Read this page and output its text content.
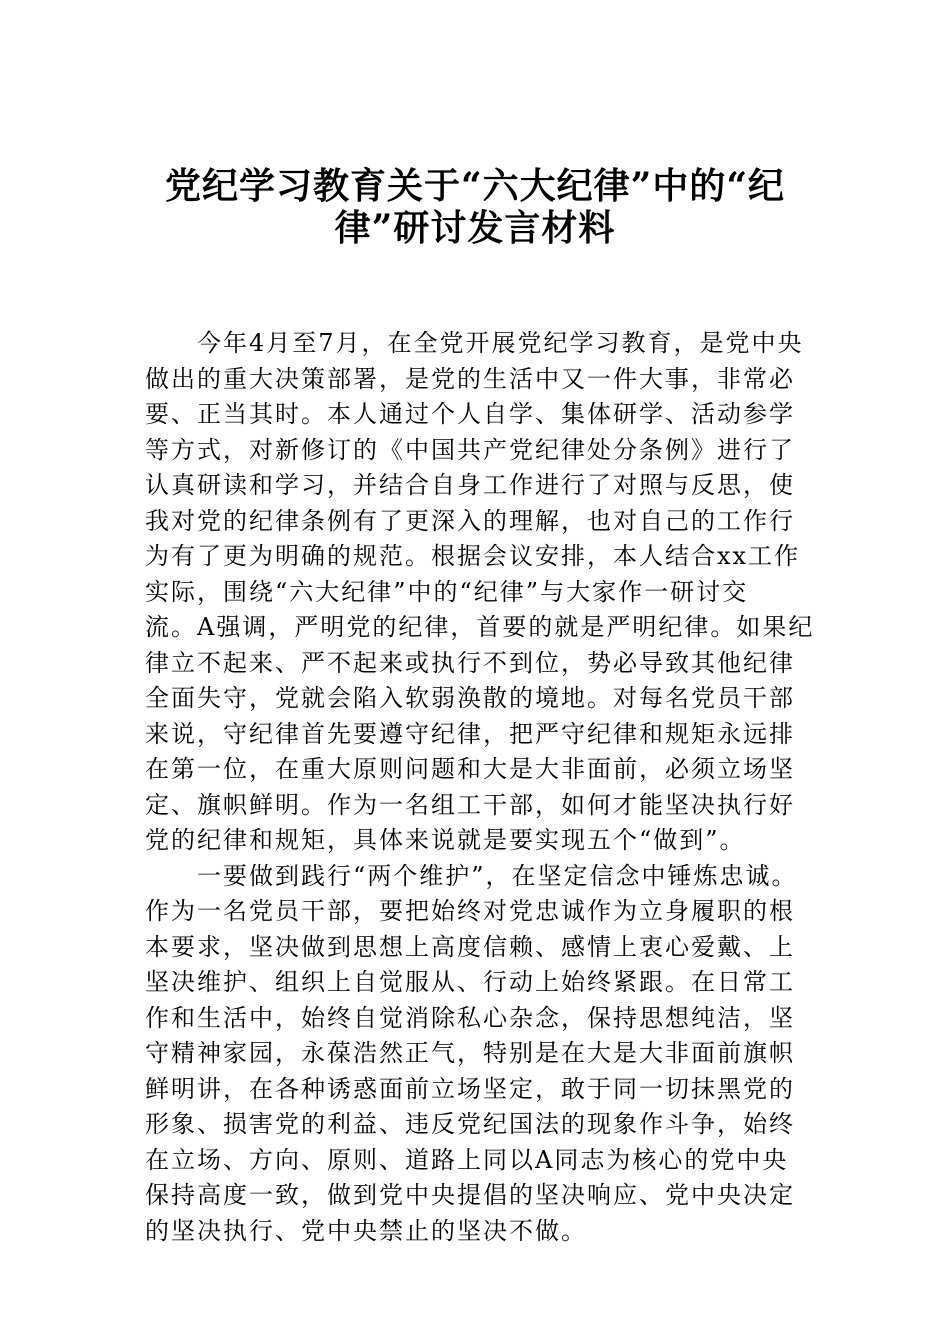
党纪学习教育关于“六大纪律”中的“纪
律”研讨发言材料
今年4月至7月，在全党开展党纪学习教育，是党中央
做出的重大决策部署，是党的生活中又一件大事，非常必
要、正当其时。本人通过个人自学、集体研学、活动参学
等方式，对新修订的《中国共产党纪律处分条例》进行了
认真研读和学习，并结合自身工作进行了对照与反思，使
我对党的纪律条例有了更深入的理解，也对自己的工作行
为有了更为明确的规范。根据会议安排，本人结合xx工作
实际，围绕“六大纪律”中的“纪律”与大家作一研讨交
流。A强调，严明党的纪律，首要的就是严明纪律。如果纪
律立不起来、严不起来或执行不到位，势必导致其他纪律
全面失守，党就会陷入软弱涣散的境地。对每名党员干部
来说，守纪律首先要遵守纪律，把严守纪律和规矩永远排
在第一位，在重大原则问题和大是大非面前，必须立场坚
定、旗帜鲜明。作为一名组工干部，如何才能坚决执行好
党的纪律和规矩，具体来说就是要实现五个“做到”。
一要做到践行“两个维护”，在坚定信念中锤炼忠诚。
作为一名党员干部，要把始终对党忠诚作为立身履职的根
本要求，坚决做到思想上高度信赖、感情上衷心爱戴、上
坚决维护、组织上自觉服从、行动上始终紧跟。在日常工
作和生活中，始终自觉消除私心杂念，保持思想纯洁，坚
守精神家园，永葆浩然正气，特别是在大是大非面前旗帜
鲜明讲，在各种诱惑面前立场坚定，敢于同一切抹黑党的
形象、损害党的利益、违反党纪国法的现象作斗争，始终
在立场、方向、原则、道路上同以A同志为核心的党中央
保持高度一致，做到党中央提倡的坚决响应、党中央决定
的坚决执行、党中央禁止的坚决不做。
